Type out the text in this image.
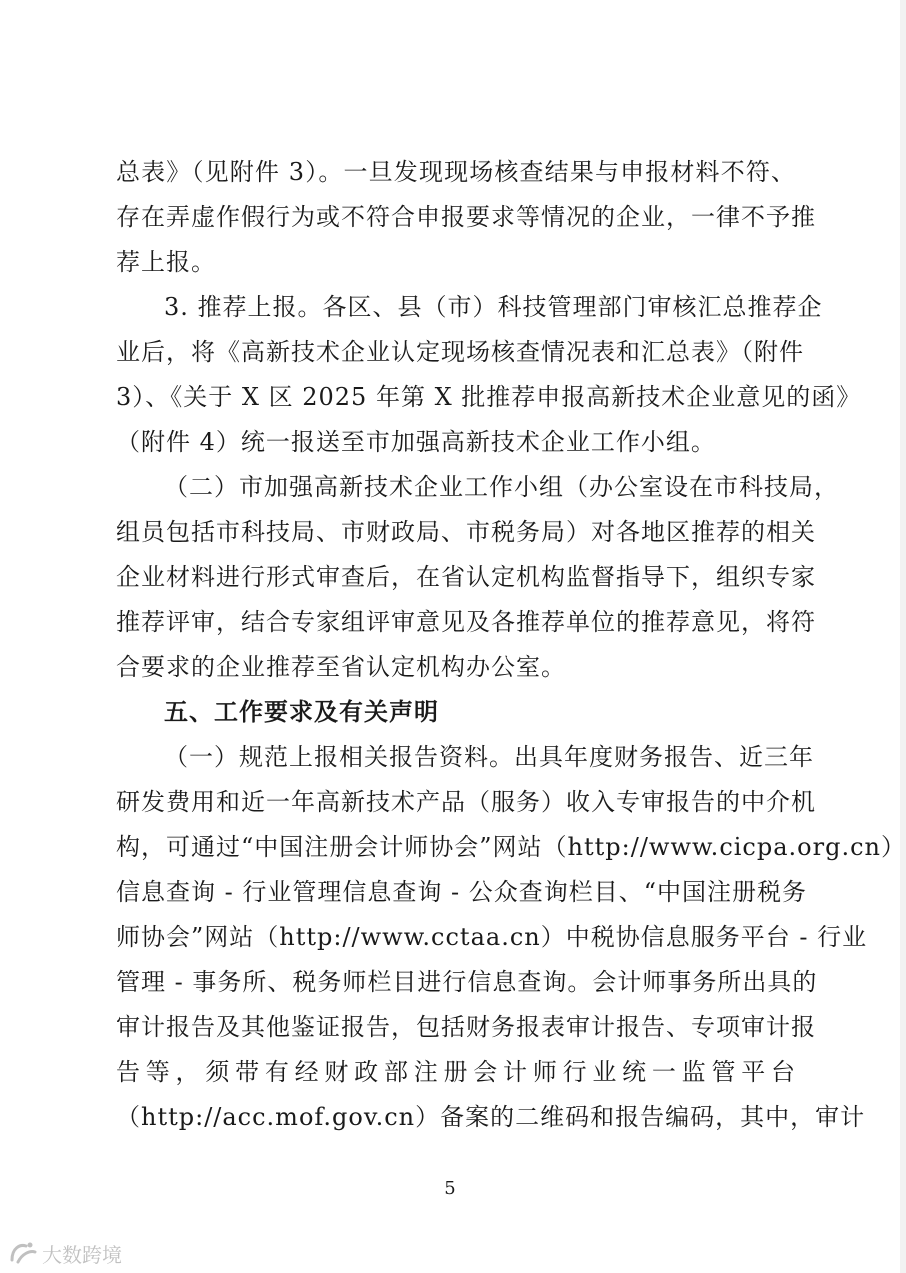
总表》（见附件 3）。一旦发现现场核查结果与申报材料不符、
存在弄虚作假行为或不符合申报要求等情况的企业，一律不予推
荐上报。
3. 推荐上报。各区、县（市）科技管理部门审核汇总推荐企
业后，将《高新技术企业认定现场核查情况表和汇总表》（附件
3）、《关于 X 区 2025 年第 X 批推荐申报高新技术企业意见的函》
（附件 4）统一报送至市加强高新技术企业工作小组。
（二）市加强高新技术企业工作小组（办公室设在市科技局，
组员包括市科技局、市财政局、市税务局）对各地区推荐的相关
企业材料进行形式审查后，在省认定机构监督指导下，组织专家
推荐评审，结合专家组评审意见及各推荐单位的推荐意见，将符
合要求的企业推荐至省认定机构办公室。
五、工作要求及有关声明
（一）规范上报相关报告资料。出具年度财务报告、近三年
研发费用和近一年高新技术产品（服务）收入专审报告的中介机
构，可通过“中国注册会计师协会”网站（http://www.cicpa.org.cn）
信息查询 - 行业管理信息查询 - 公众查询栏目、“中国注册税务
师协会”网站（http://www.cctaa.cn）中税协信息服务平台 - 行业
管理 - 事务所、税务师栏目进行信息查询。会计师事务所出具的
审计报告及其他鉴证报告，包括财务报表审计报告、专项审计报
告等，须带有经财政部注册会计师行业统一监管平台
（http://acc.mof.gov.cn）备案的二维码和报告编码，其中，审计
5
大数跨境
